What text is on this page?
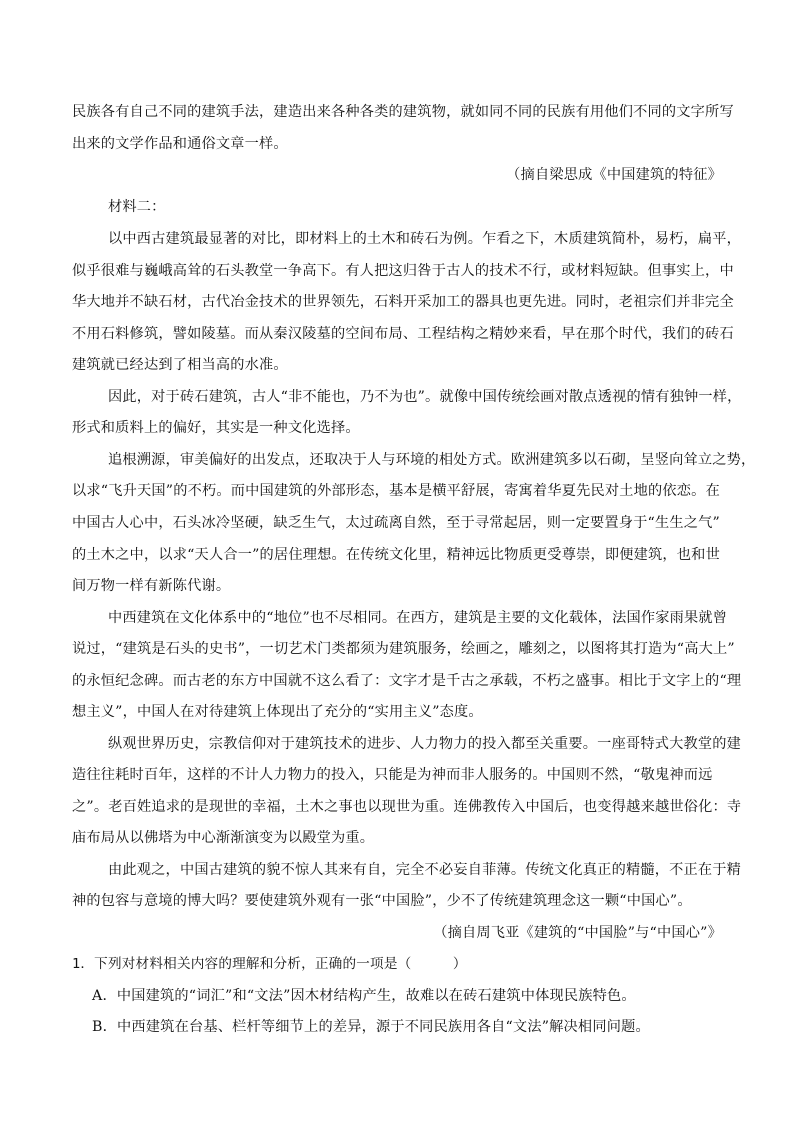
民族各有自己不同的建筑手法，建造出来各种各类的建筑物，就如同不同的民族有用他们不同的文字所写
出来的文学作品和通俗文章一样。
（摘自梁思成《中国建筑的特征》
材料二：
以中西古建筑最显著的对比，即材料上的土木和砖石为例。乍看之下，木质建筑简朴，易朽，扁平，
似乎很难与巍峨高耸的石头教堂一争高下。有人把这归咎于古人的技术不行，或材料短缺。但事实上，中
华大地并不缺石材，古代冶金技术的世界领先，石料开采加工的器具也更先进。同时，老祖宗们并非完全
不用石料修筑，譬如陵墓。而从秦汉陵墓的空间布局、工程结构之精妙来看，早在那个时代，我们的砖石
建筑就已经达到了相当高的水准。
因此，对于砖石建筑，古人“非不能也，乃不为也”。就像中国传统绘画对散点透视的情有独钟一样，
形式和质料上的偏好，其实是一种文化选择。
追根溯源，审美偏好的出发点，还取决于人与环境的相处方式。欧洲建筑多以石砌，呈竖向耸立之势，
以求“飞升天国”的不朽。而中国建筑的外部形态，基本是横平舒展，寄寓着华夏先民对土地的依恋。在
中国古人心中，石头冰冷坚硬，缺乏生气，太过疏离自然，至于寻常起居，则一定要置身于“生生之气”
的土木之中，以求“天人合一”的居住理想。在传统文化里，精神远比物质更受尊崇，即便建筑，也和世
间万物一样有新陈代谢。
中西建筑在文化体系中的“地位”也不尽相同。在西方，建筑是主要的文化载体，法国作家雨果就曾
说过，“建筑是石头的史书”，一切艺术门类都须为建筑服务，绘画之，雕刻之，以图将其打造为“高大上”
的永恒纪念碑。而古老的东方中国就不这么看了：文字才是千古之承载，不朽之盛事。相比于文字上的“理
想主义”，中国人在对待建筑上体现出了充分的“实用主义”态度。
纵观世界历史，宗教信仰对于建筑技术的进步、人力物力的投入都至关重要。一座哥特式大教堂的建
造往往耗时百年，这样的不计人力物力的投入，只能是为神而非人服务的。中国则不然，“敬鬼神而远
之”。老百姓追求的是现世的幸福，土木之事也以现世为重。连佛教传入中国后，也变得越来越世俗化：寺
庙布局从以佛塔为中心渐渐演变为以殿堂为重。
由此观之，中国古建筑的貌不惊人其来有自，完全不必妄自菲薄。传统文化真正的精髓，不正在于精
神的包容与意境的博大吗？要使建筑外观有一张“中国脸”，少不了传统建筑理念这一颗“中国心”。
（摘自周飞亚《建筑的“中国脸”与“中国心”》
1．下列对材料相关内容的理解和分析，正确的一项是（　　　）
A．中国建筑的“词汇”和“文法”因木材结构产生，故难以在砖石建筑中体现民族特色。
B．中西建筑在台基、栏杆等细节上的差异，源于不同民族用各自“文法”解决相同问题。
